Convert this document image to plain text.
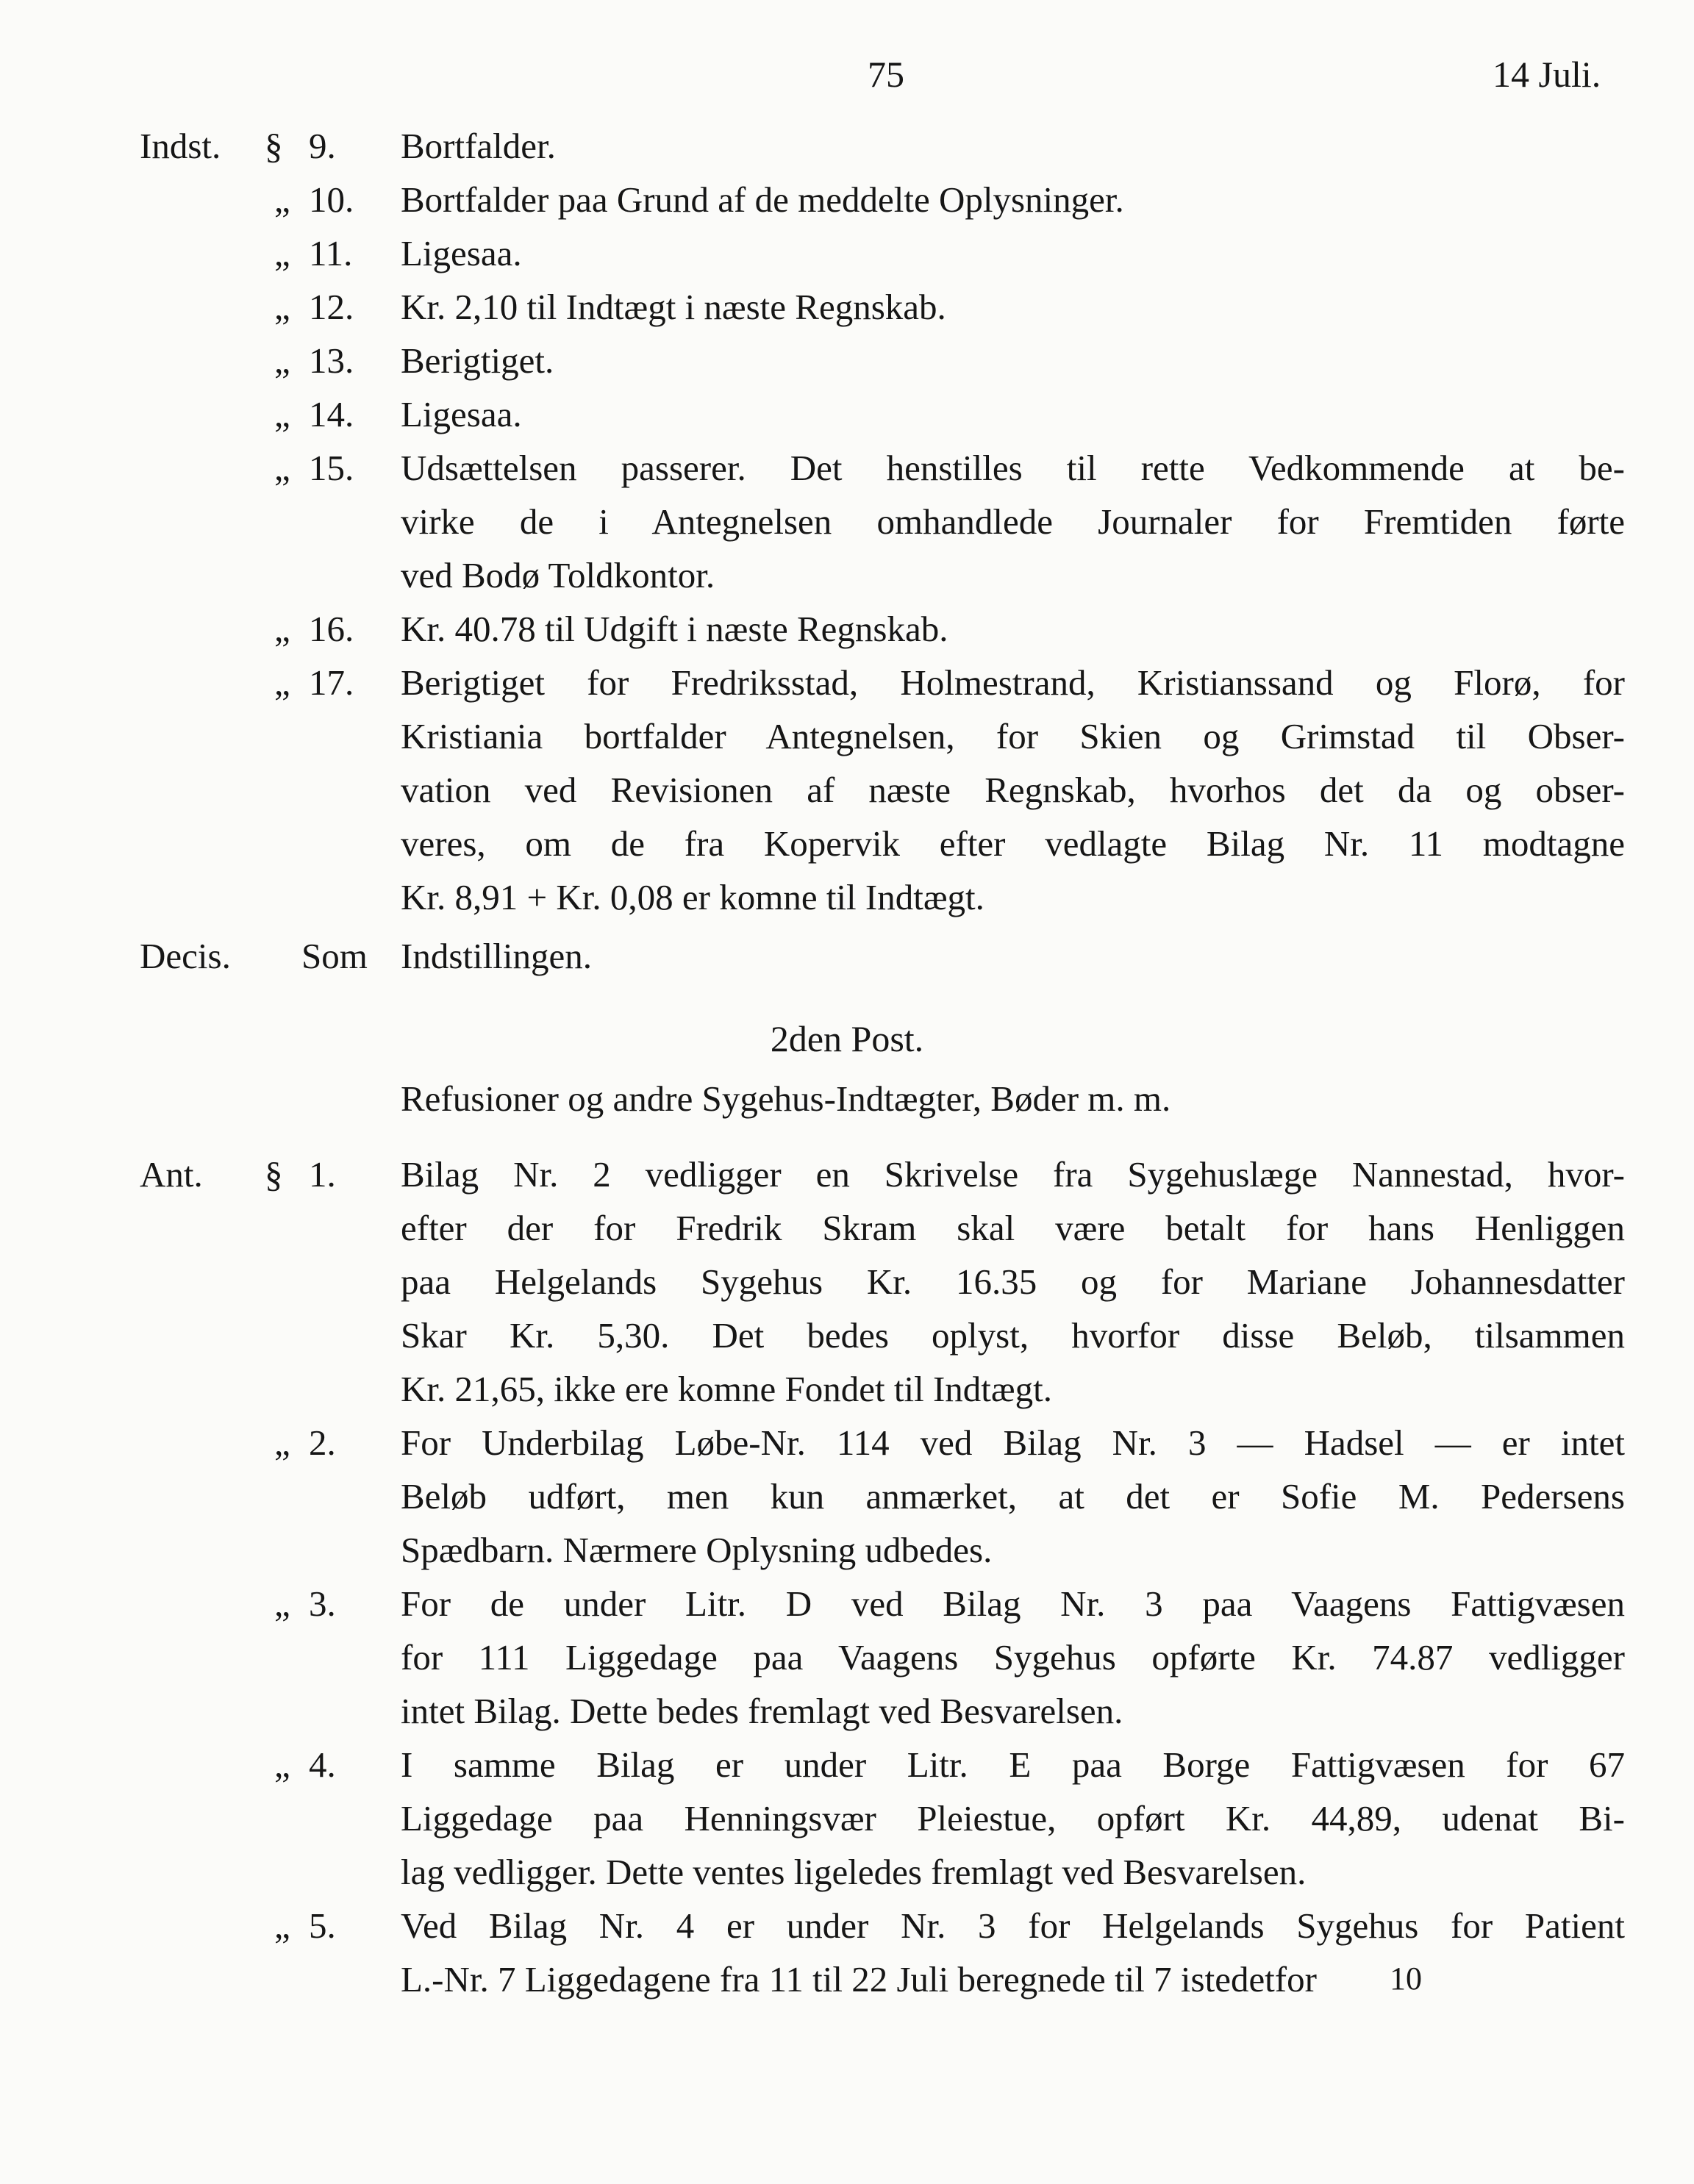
75	14 Juli.
Indst. § 9. Bortfalder.
„ 10. Bortfalder paa Grund af de meddelte Oplysninger.
„ 11. Ligesaa.
„ 12. Kr. 2,10 til Indtægt i næste Regnskab.
„ 13. Berigtiget.
„ 14. Ligesaa.
„ 15. Udsættelsen passerer. Det henstilles til rette Vedkommende at be-
virke de i Antegnelsen omhandlede Journaler for Fremtiden førte
ved Bodø Toldkontor.
„ 16. Kr. 40.78 til Udgift i næste Regnskab.
„ 17. Berigtiget for Fredriksstad, Holmestrand, Kristianssand og Florø, for
Kristiania bortfalder Antegnelsen, for Skien og Grimstad til Obser-
vation ved Revisionen af næste Regnskab, hvorhos det da og obser-
veres, om de fra Kopervik efter vedlagte Bilag Nr. 11 modtagne
Kr. 8,91 + Kr. 0,08 er komne til Indtægt.
Decis. Som Indstillingen.
2den Post.
Refusioner og andre Sygehus-Indtægter, Bøder m. m.
Ant. § 1. Bilag Nr. 2 vedligger en Skrivelse fra Sygehuslæge Nannestad, hvor-
efter der for Fredrik Skram skal være betalt for hans Henliggen
paa Helgelands Sygehus Kr. 16.35 og for Mariane Johannesdatter
Skar Kr. 5,30. Det bedes oplyst, hvorfor disse Beløb, tilsammen
Kr. 21,65, ikke ere komne Fondet til Indtægt.
„ 2. For Underbilag Løbe-Nr. 114 ved Bilag Nr. 3 — Hadsel — er intet
Beløb udført, men kun anmærket, at det er Sofie M. Pedersens
Spædbarn. Nærmere Oplysning udbedes.
„ 3. For de under Litr. D ved Bilag Nr. 3 paa Vaagens Fattigvæsen
for 111 Liggedage paa Vaagens Sygehus opførte Kr. 74.87 vedligger
intet Bilag. Dette bedes fremlagt ved Besvarelsen.
„ 4. I samme Bilag er under Litr. E paa Borge Fattigvæsen for 67
Liggedage paa Henningsvær Pleiestue, opført Kr. 44,89, udenat Bi-
lag vedligger. Dette ventes ligeledes fremlagt ved Besvarelsen.
„ 5. Ved Bilag Nr. 4 er under Nr. 3 for Helgelands Sygehus for Patient
L.-Nr. 7 Liggedagene fra 11 til 22 Juli beregnede til 7 istedetfor	10
